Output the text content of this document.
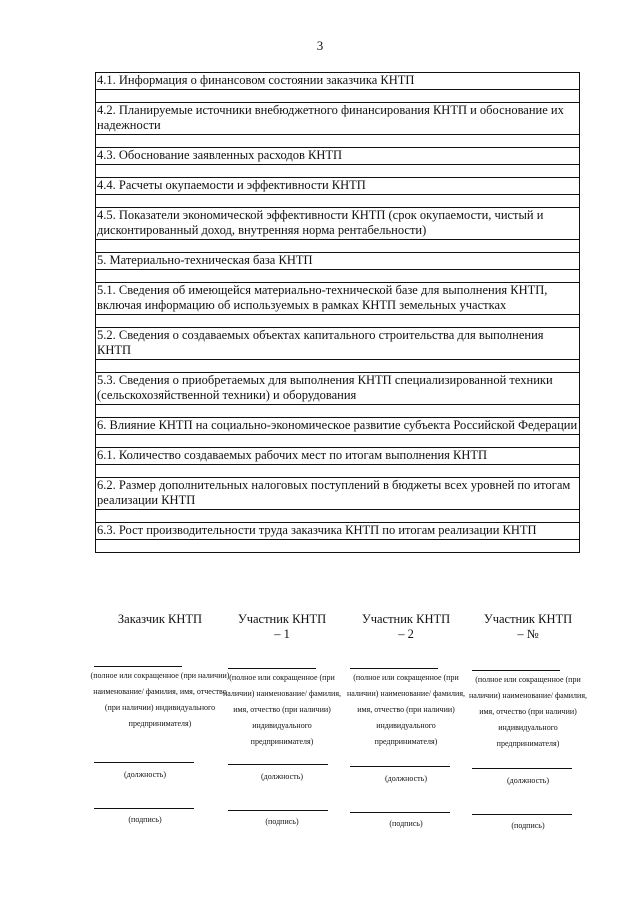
3
4.1. Информация о финансовом состоянии заказчика КНТП
4.2. Планируемые источники внебюджетного финансирования КНТП и обоснование их надежности
4.3. Обоснование заявленных расходов КНТП
4.4. Расчеты окупаемости и эффективности КНТП
4.5. Показатели экономической эффективности КНТП (срок окупаемости, чистый и дисконтированный доход, внутренняя норма рентабельности)
5. Материально-техническая база КНТП
5.1. Сведения об имеющейся материально-технической базе для выполнения КНТП, включая информацию об используемых в рамках КНТП земельных участках
5.2. Сведения о создаваемых объектах капитального строительства для выполнения КНТП
5.3. Сведения о приобретаемых для выполнения КНТП специализированной техники (сельскохозяйственной техники) и оборудования
6. Влияние КНТП на социально-экономическое развитие субъекта Российской Федерации
6.1. Количество создаваемых рабочих мест по итогам выполнения КНТП
6.2. Размер дополнительных налоговых поступлений в бюджеты всех уровней по итогам реализации КНТП
6.3. Рост производительности труда заказчика КНТП по итогам реализации КНТП
Заказчик КНТП
(полное или сокращенное (при наличии) наименование/ фамилия, имя, отчество (при наличии) индивидуального предпринимателя)
(должность)
(подпись)
Участник КНТП – 1
(полное или сокращенное (при наличии) наименование/ фамилия, имя, отчество (при наличии) индивидуального предпринимателя)
(должность)
(подпись)
Участник КНТП – 2
(полное или сокращенное (при наличии) наименование/ фамилия, имя, отчество (при наличии) индивидуального предпринимателя)
(должность)
(подпись)
Участник КНТП – №
(полное или сокращенное (при наличии) наименование/ фамилия, имя, отчество (при наличии) индивидуального предпринимателя)
(должность)
(подпись)
